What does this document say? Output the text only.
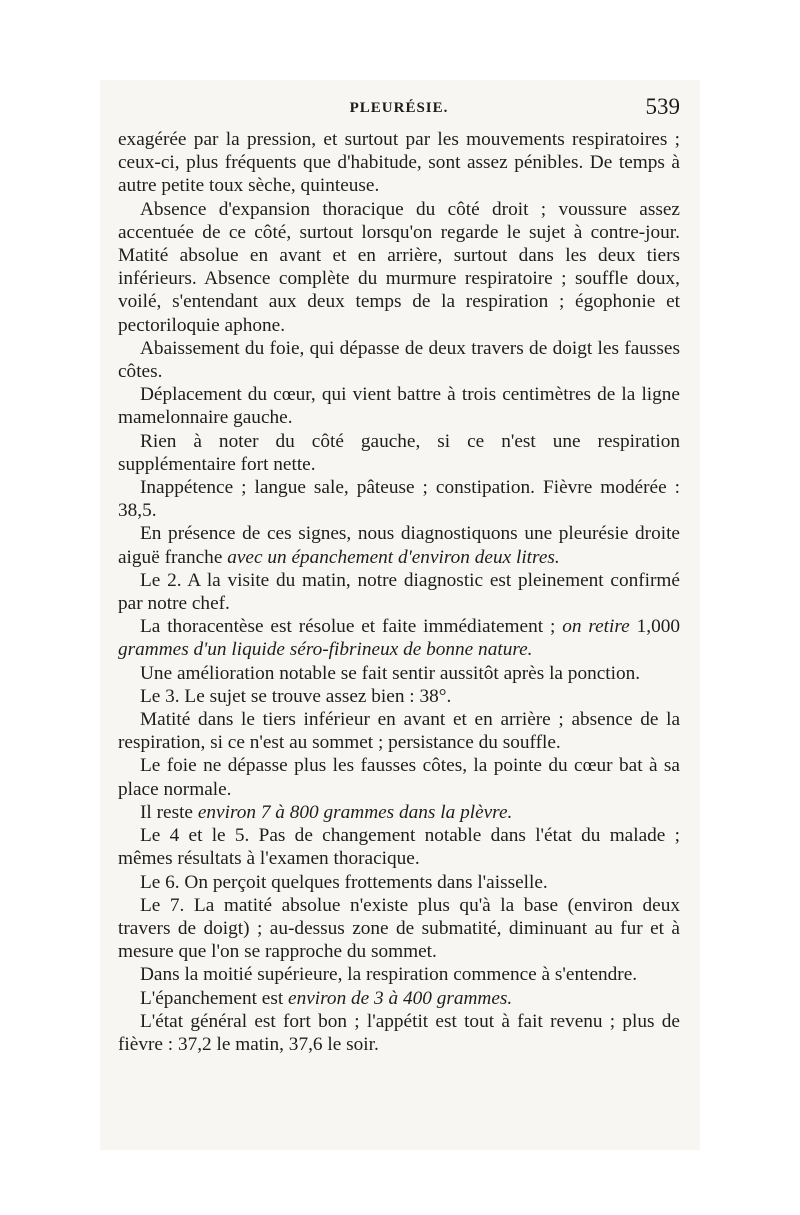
PLEURÉSIE.	539

exagérée par la pression, et surtout par les mouvements respiratoires ; ceux-ci, plus fréquents que d'habitude, sont assez pénibles. De temps à autre petite toux sèche, quinteuse.

Absence d'expansion thoracique du côté droit ; voussure assez accentuée de ce côté, surtout lorsqu'on regarde le sujet à contre-jour. Matité absolue en avant et en arrière, surtout dans les deux tiers inférieurs. Absence complète du murmure respiratoire ; souffle doux, voilé, s'entendant aux deux temps de la respiration ; égophonie et pectoriloquie aphone.

Abaissement du foie, qui dépasse de deux travers de doigt les fausses côtes.

Déplacement du cœur, qui vient battre à trois centimètres de la ligne mamelonnaire gauche.

Rien à noter du côté gauche, si ce n'est une respiration supplémentaire fort nette.

Inappétence ; langue sale, pâteuse ; constipation. Fièvre modérée : 38,5.

En présence de ces signes, nous diagnostiquons une pleurésie droite aiguë franche avec un épanchement d'environ deux litres.

Le 2. A la visite du matin, notre diagnostic est pleinement confirmé par notre chef.

La thoracentèse est résolue et faite immédiatement ; on retire 1,000 grammes d'un liquide séro-fibrineux de bonne nature.

Une amélioration notable se fait sentir aussitôt après la ponction.

Le 3. Le sujet se trouve assez bien : 38°.

Matité dans le tiers inférieur en avant et en arrière ; absence de la respiration, si ce n'est au sommet ; persistance du souffle.

Le foie ne dépasse plus les fausses côtes, la pointe du cœur bat à sa place normale.

Il reste environ 7 à 800 grammes dans la plèvre.

Le 4 et le 5. Pas de changement notable dans l'état du malade ; mêmes résultats à l'examen thoracique.

Le 6. On perçoit quelques frottements dans l'aisselle.

Le 7. La matité absolue n'existe plus qu'à la base (environ deux travers de doigt) ; au-dessus zone de submatité, diminuant au fur et à mesure que l'on se rapproche du sommet.

Dans la moitié supérieure, la respiration commence à s'entendre.

L'épanchement est environ de 3 à 400 grammes.

L'état général est fort bon ; l'appétit est tout à fait revenu ; plus de fièvre : 37,2 le matin, 37,6 le soir.
